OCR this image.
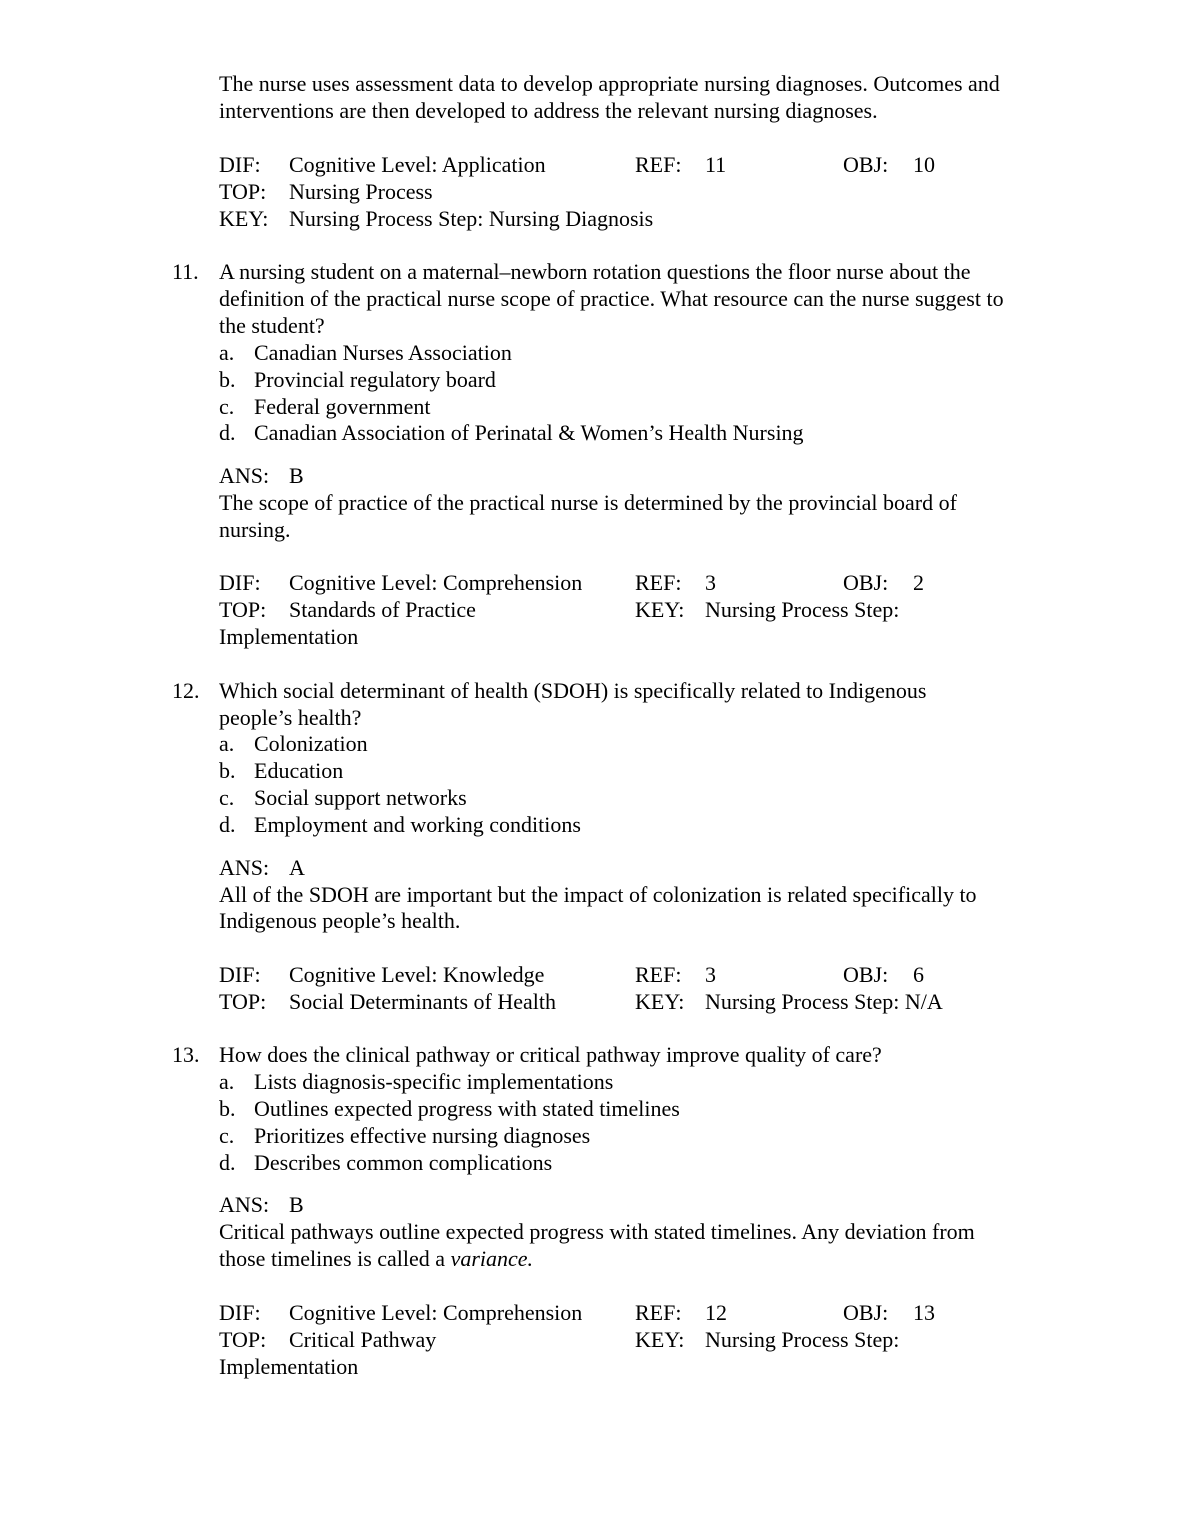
The nurse uses assessment data to develop appropriate nursing diagnoses. Outcomes and
interventions are then developed to address the relevant nursing diagnoses.
DIF: Cognitive Level: Application	REF: 11	OBJ: 10
TOP: Nursing Process
KEY: Nursing Process Step: Nursing Diagnosis
11. A nursing student on a maternal–newborn rotation questions the floor nurse about the
definition of the practical nurse scope of practice. What resource can the nurse suggest to
the student?
a. Canadian Nurses Association
b. Provincial regulatory board
c. Federal government
d. Canadian Association of Perinatal & Women’s Health Nursing
ANS: B
The scope of practice of the practical nurse is determined by the provincial board of
nursing.
DIF: Cognitive Level: Comprehension REF: 3	OBJ: 2
TOP: Standards of Practice	KEY: Nursing Process Step:
Implementation
12. Which social determinant of health (SDOH) is specifically related to Indigenous
people’s health?
a. Colonization
b. Education
c. Social support networks
d. Employment and working conditions
ANS: A
All of the SDOH are important but the impact of colonization is related specifically to
Indigenous people’s health.
DIF: Cognitive Level: Knowledge	REF: 3	OBJ: 6
TOP: Social Determinants of Health	KEY: Nursing Process Step: N/A
13. How does the clinical pathway or critical pathway improve quality of care?
a. Lists diagnosis-specific implementations
b. Outlines expected progress with stated timelines
c. Prioritizes effective nursing diagnoses
d. Describes common complications
ANS: B
Critical pathways outline expected progress with stated timelines. Any deviation from
those timelines is called a variance.
DIF: Cognitive Level: Comprehension REF: 12	OBJ: 13
TOP: Critical Pathway	KEY: Nursing Process Step:
Implementation
